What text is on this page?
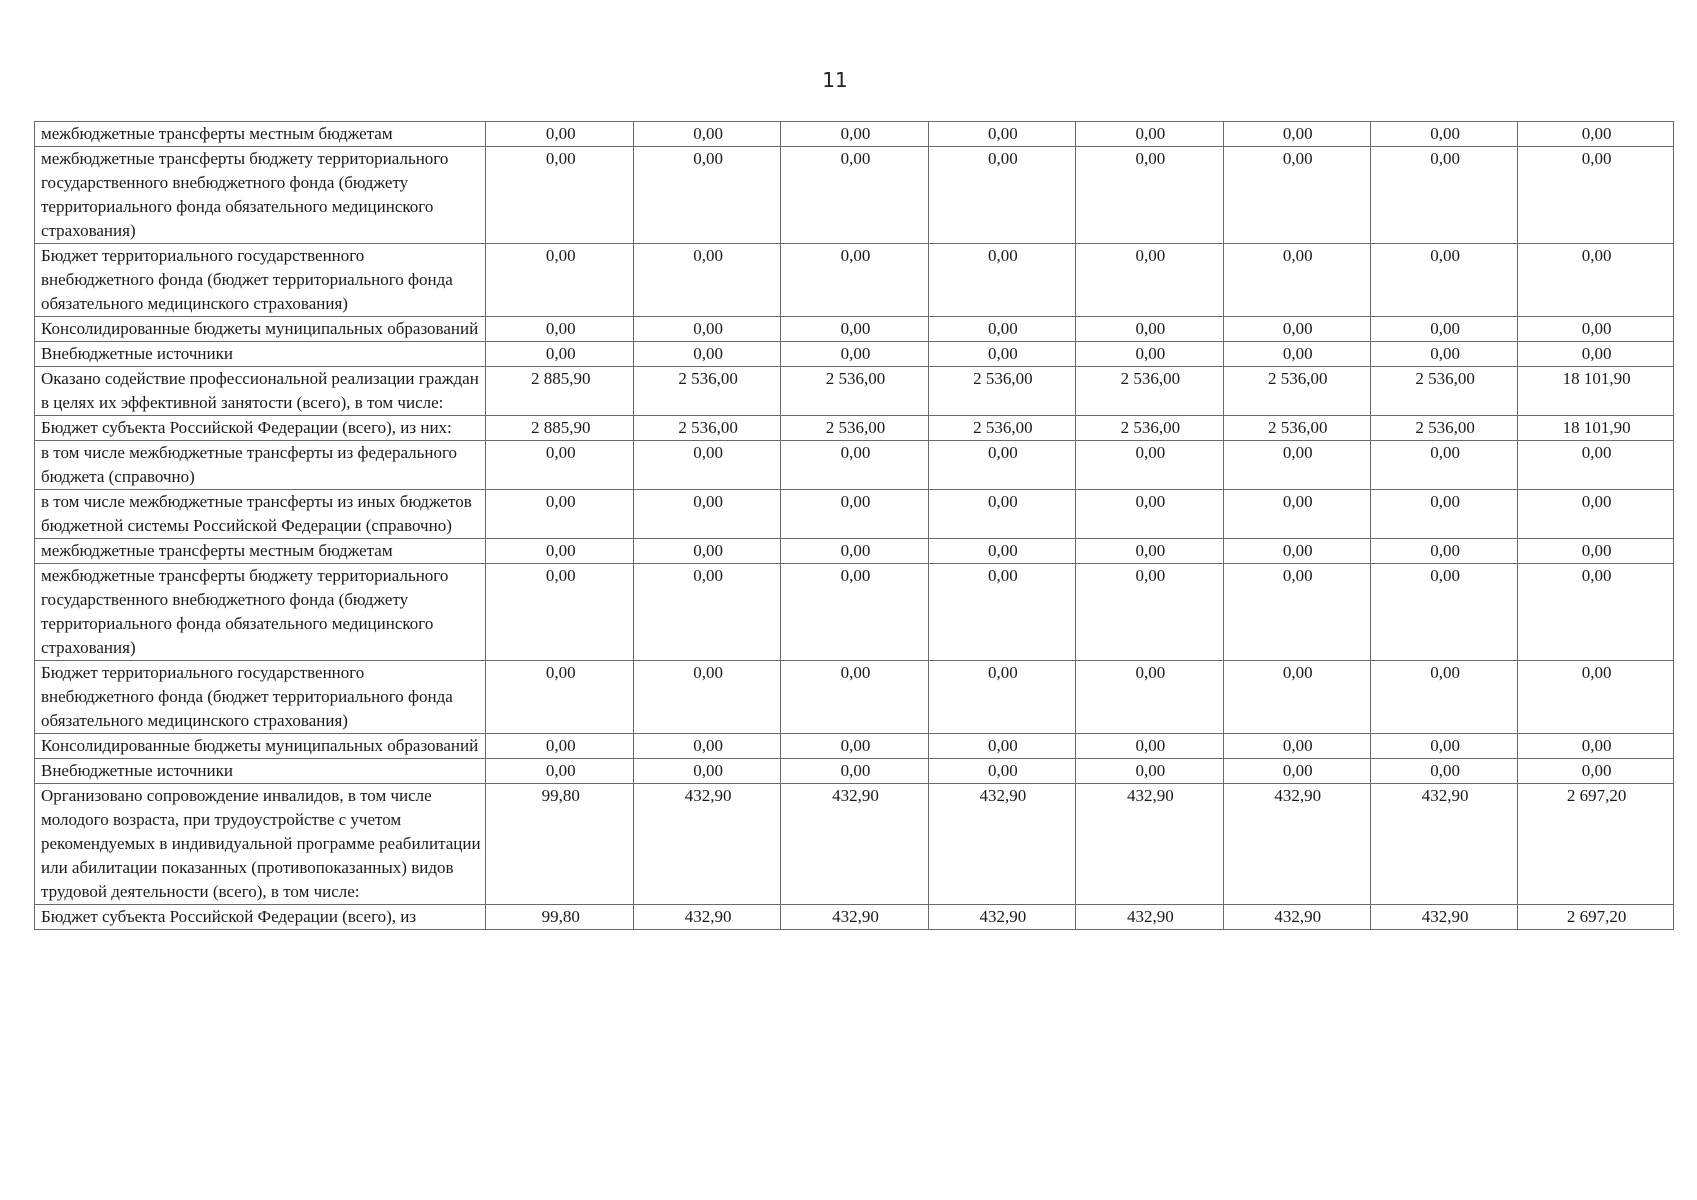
11
межбюджетные трансферты местным бюджетам	0,00	0,00	0,00	0,00	0,00	0,00	0,00	0,00
межбюджетные трансферты бюджету территориального государственного внебюджетного фонда (бюджету территориального фонда обязательного медицинского страхования)	0,00	0,00	0,00	0,00	0,00	0,00	0,00	0,00
Бюджет территориального государственного внебюджетного фонда (бюджет территориального фонда обязательного медицинского страхования)	0,00	0,00	0,00	0,00	0,00	0,00	0,00	0,00
Консолидированные бюджеты муниципальных образований	0,00	0,00	0,00	0,00	0,00	0,00	0,00	0,00
Внебюджетные источники	0,00	0,00	0,00	0,00	0,00	0,00	0,00	0,00
Оказано содействие профессиональной реализации граждан в целях их эффективной занятости (всего), в том числе:	2 885,90	2 536,00	2 536,00	2 536,00	2 536,00	2 536,00	2 536,00	18 101,90
Бюджет субъекта Российской Федерации (всего), из них:	2 885,90	2 536,00	2 536,00	2 536,00	2 536,00	2 536,00	2 536,00	18 101,90
в том числе межбюджетные трансферты из федерального бюджета (справочно)	0,00	0,00	0,00	0,00	0,00	0,00	0,00	0,00
в том числе межбюджетные трансферты из иных бюджетов бюджетной системы Российской Федерации (справочно)	0,00	0,00	0,00	0,00	0,00	0,00	0,00	0,00
межбюджетные трансферты местным бюджетам	0,00	0,00	0,00	0,00	0,00	0,00	0,00	0,00
межбюджетные трансферты бюджету территориального государственного внебюджетного фонда (бюджету территориального фонда обязательного медицинского страхования)	0,00	0,00	0,00	0,00	0,00	0,00	0,00	0,00
Бюджет территориального государственного внебюджетного фонда (бюджет территориального фонда обязательного медицинского страхования)	0,00	0,00	0,00	0,00	0,00	0,00	0,00	0,00
Консолидированные бюджеты муниципальных образований	0,00	0,00	0,00	0,00	0,00	0,00	0,00	0,00
Внебюджетные источники	0,00	0,00	0,00	0,00	0,00	0,00	0,00	0,00
Организовано сопровождение инвалидов, в том числе молодого возраста, при трудоустройстве с учетом рекомендуемых в индивидуальной программе реабилитации или абилитации показанных (противопоказанных) видов трудовой деятельности (всего), в том числе:	99,80	432,90	432,90	432,90	432,90	432,90	432,90	2 697,20
Бюджет субъекта Российской Федерации (всего), из	99,80	432,90	432,90	432,90	432,90	432,90	432,90	2 697,20
